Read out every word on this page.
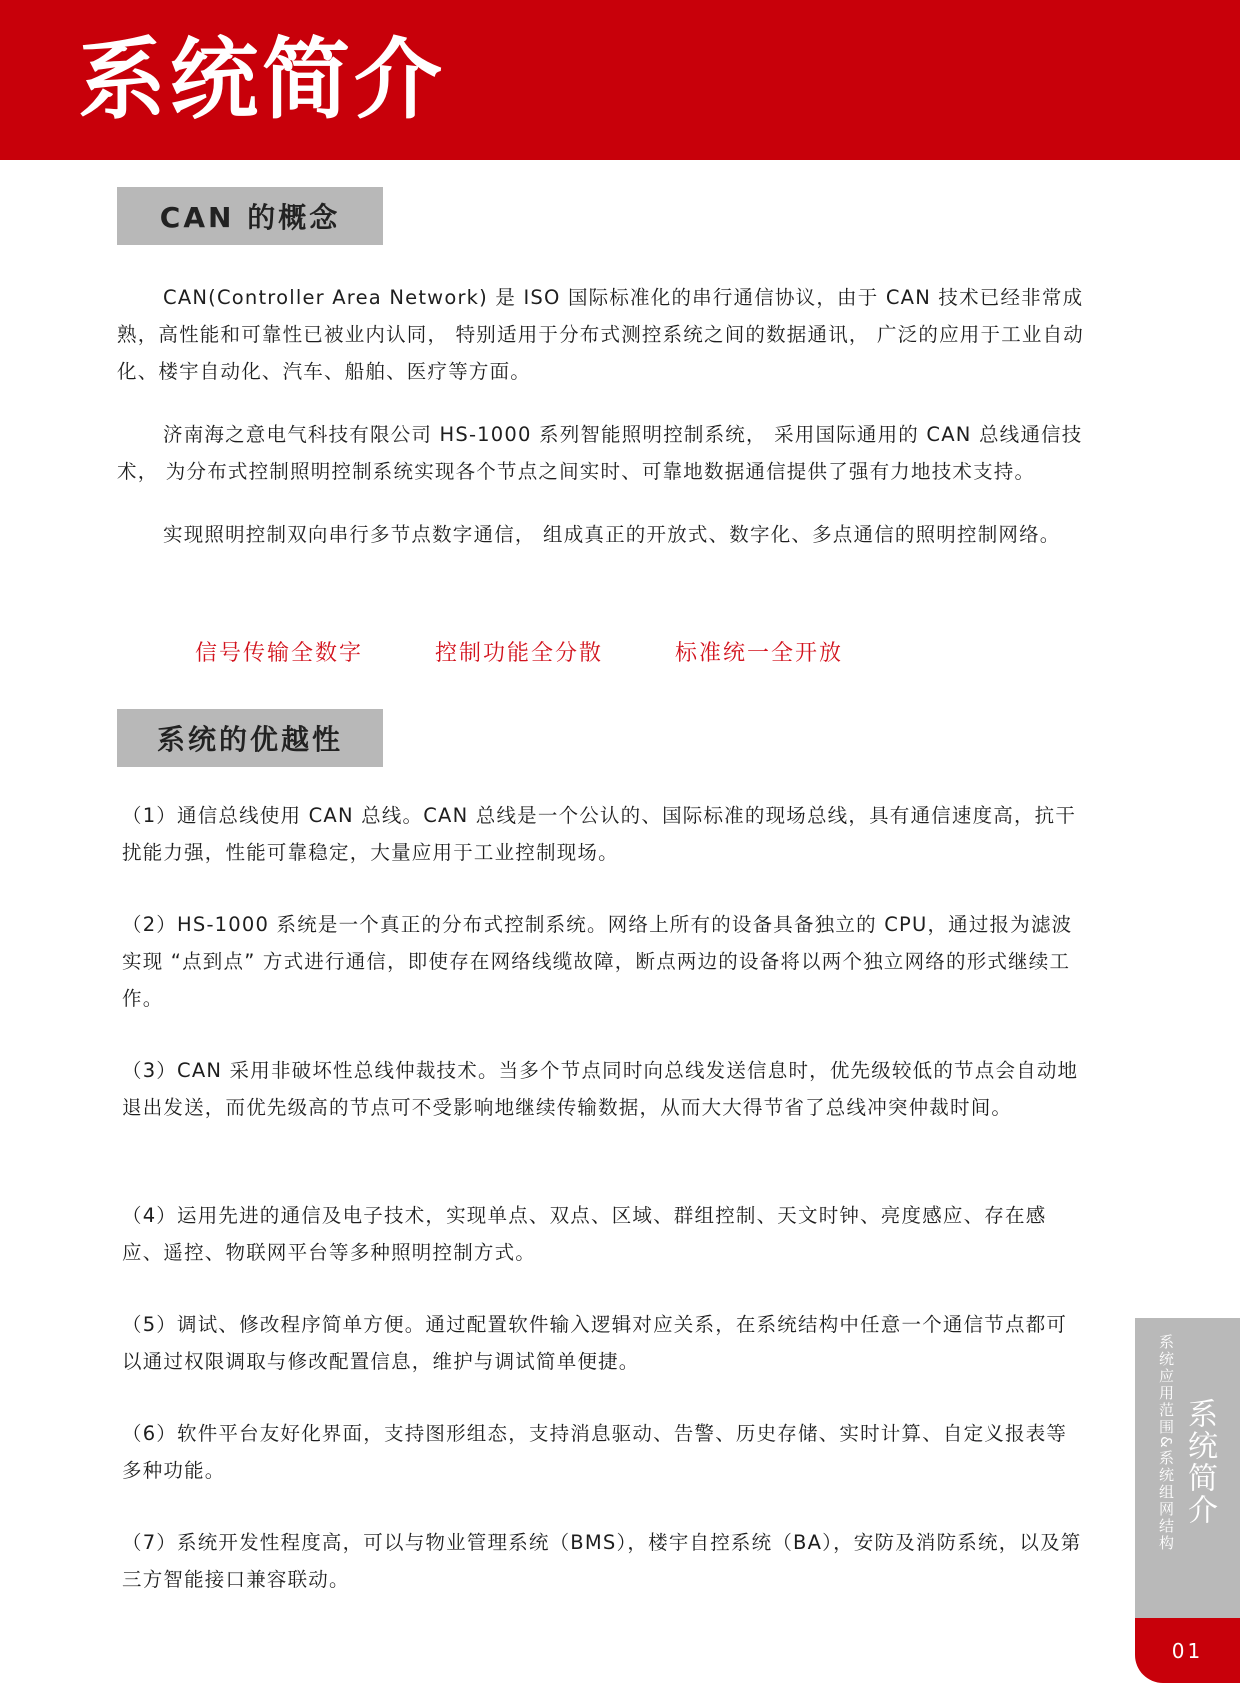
系统简介
CAN 的概念

CAN(Controller Area Network) 是 ISO 国际标准化的串行通信协议，由于 CAN 技术已经非常成熟，高性能和可靠性已被业内认同， 特别适用于分布式测控系统之间的数据通讯， 广泛的应用于工业自动化、楼宇自动化、汽车、船舶、医疗等方面。

济南海之意电气科技有限公司 HS-1000 系列智能照明控制系统， 采用国际通用的 CAN 总线通信技术， 为分布式控制照明控制系统实现各个节点之间实时、可靠地数据通信提供了强有力地技术支持。

实现照明控制双向串行多节点数字通信， 组成真正的开放式、数字化、多点通信的照明控制网络。

信号传输全数字	控制功能全分散	标准统一全开放
系统的优越性

（1）通信总线使用 CAN 总线。CAN 总线是一个公认的、国际标准的现场总线，具有通信速度高，抗干扰能力强，性能可靠稳定，大量应用于工业控制现场。

（2）HS-1000 系统是一个真正的分布式控制系统。网络上所有的设备具备独立的 CPU，通过报为滤波实现 “点到点” 方式进行通信，即使存在网络线缆故障，断点两边的设备将以两个独立网络的形式继续工作。

（3）CAN 采用非破坏性总线仲裁技术。当多个节点同时向总线发送信息时，优先级较低的节点会自动地退出发送，而优先级高的节点可不受影响地继续传输数据，从而大大得节省了总线冲突仲裁时间。

（4）运用先进的通信及电子技术，实现单点、双点、区域、群组控制、天文时钟、亮度感应、存在感应、遥控、物联网平台等多种照明控制方式。

（5）调试、修改程序简单方便。通过配置软件输入逻辑对应关系，在系统结构中任意一个通信节点都可以通过权限调取与修改配置信息，维护与调试简单便捷。

（6）软件平台友好化界面，支持图形组态，支持消息驱动、告警、历史存储、实时计算、自定义报表等多种功能。

（7）系统开发性程度高，可以与物业管理系统（BMS），楼宇自控系统（BA），安防及消防系统，以及第三方智能接口兼容联动。

系统应用范围&系统组网结构 系统简介
01
